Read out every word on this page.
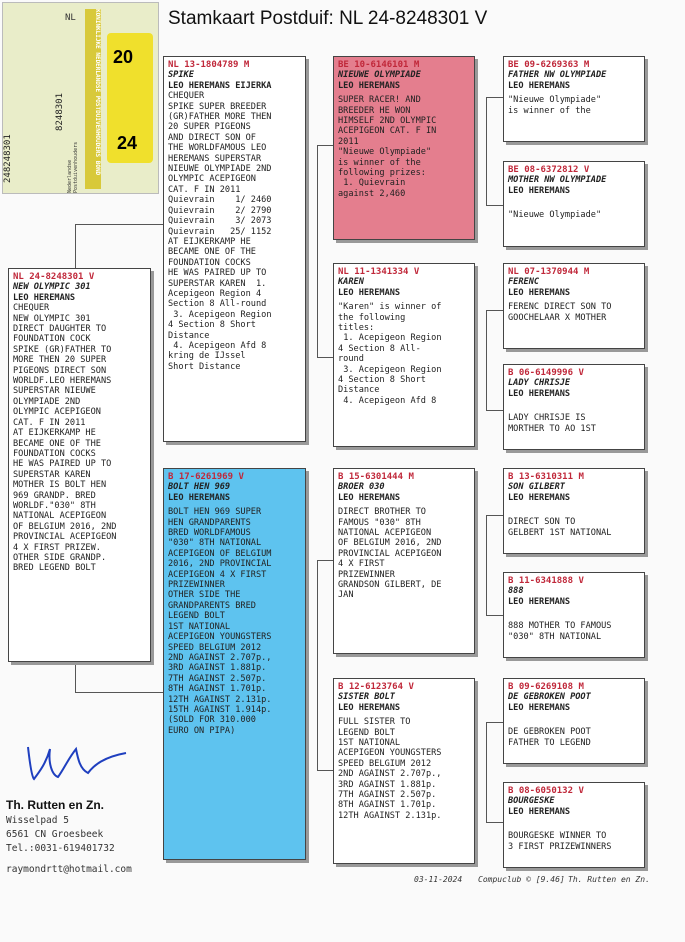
Stamkaart Postduif: NL 24-8248301 V
248248301	KONINKLIJKE NEDERLANDSE POSTDUIVENHOUDERS BOND 20
24
8248301
NL
Nederlandse Postduivenhouders
NL 24-8248301 V
NEW OLYMPIC 301
LEO HEREMANS
CHEQUER
NEW OLYMPIC 301
DIRECT DAUGHTER TO
FOUNDATION COCK
SPIKE (GR)FATHER TO
MORE THEN 20 SUPER
PIGEONS DIRECT SON
WORLDF.LEO HEREMANS
SUPERSTAR NIEUWE
OLYMPIADE 2ND
OLYMPIC ACEPIGEON
CAT. F IN 2011
AT EIJKERKAMP HE
BECAME ONE OF THE
FOUNDATION COCKS
HE WAS PAIRED UP TO
SUPERSTAR KAREN
MOTHER IS BOLT HEN
969 GRANDP. BRED
WORLDF."030" 8TH
NATIONAL ACEPIGEON
OF BELGIUM 2016, 2ND
PROVINCIAL ACEPIGEON
4 X FIRST PRIZEW.
OTHER SIDE GRANDP.
BRED LEGEND BOLT
NL 13-1804789 M
SPIKE
LEO HEREMANS EIJERKA
CHEQUER
SPIKE SUPER BREEDER
(GR)FATHER MORE THEN
20 SUPER PIGEONS
AND DIRECT SON OF
THE WORLDFAMOUS LEO
HEREMANS SUPERSTAR
NIEUWE OLYMPIADE 2ND
OLYMPIC ACEPIGEON
CAT. F IN 2011
Quievrain    1/ 2460
Quievrain    2/ 2790
Quievrain    3/ 2073
Quievrain   25/ 1152
AT EIJKERKAMP HE
BECAME ONE OF THE
FOUNDATION COCKS
HE WAS PAIRED UP TO
SUPERSTAR KAREN  1.
Acepigeon Region 4
Section 8 All-round
3. Acepigeon Region
4 Section 8 Short
Distance
4. Acepigeon Afd 8
kring de IJssel
Short Distance
B 17-6261969 V
BOLT HEN 969
LEO HEREMANS
BOLT HEN 969 SUPER
HEN GRANDPARENTS
BRED WORLDFAMOUS
"030" 8TH NATIONAL
ACEPIGEON OF BELGIUM
2016, 2ND PROVINCIAL
ACEPIGEON 4 X FIRST
PRIZEWINNER
OTHER SIDE THE
GRANDPARENTS BRED
LEGEND BOLT
1ST NATIONAL
ACEPIGEON YOUNGSTERS
SPEED BELGIUM 2012
2ND AGAINST 2.707p.,
3RD AGAINST 1.881p.
7TH AGAINST 2.507p.
8TH AGAINST 1.701p.
12TH AGAINST 2.131p.
15TH AGAINST 1.914p.
(SOLD FOR 310.000
EURO ON PIPA)
BE 10-6146101 M
NIEUWE OLYMPIADE
LEO HEREMANS
SUPER RACER! AND
BREEDER HE WON
HIMSELF 2ND OLYMPIC
ACEPIGEON CAT. F IN
2011
"Nieuwe Olympiade"
is winner of the
following prizes:
1. Quievrain
against 2,460
NL 11-1341334 V
KAREN
LEO HEREMANS
"Karen" is winner of
the following
titles:
1. Acepigeon Region
4 Section 8 All-
round
3. Acepigeon Region
4 Section 8 Short
Distance
4. Acepigeon Afd 8
B 15-6301444 M
BROER 030
LEO HEREMANS
DIRECT BROTHER TO
FAMOUS "030" 8TH
NATIONAL ACEPIGEON
OF BELGIUM 2016, 2ND
PROVINCIAL ACEPIGEON
4 X FIRST
PRIZEWINNER
GRANDSON GILBERT, DE
JAN
B 12-6123764 V
SISTER BOLT
LEO HEREMANS
FULL SISTER TO
LEGEND BOLT
1ST NATIONAL
ACEPIGEON YOUNGSTERS
SPEED BELGIUM 2012
2ND AGAINST 2.707p.,
3RD AGAINST 1.881p.
7TH AGAINST 2.507p.
8TH AGAINST 1.701p.
12TH AGAINST 2.131p.
BE 09-6269363 M
FATHER NW OLYMPIADE
LEO HEREMANS
"Nieuwe Olympiade"
is winner of the
BE 08-6372812 V
MOTHER NW OLYMPIADE
LEO HEREMANS
"Nieuwe Olympiade"
NL 07-1370944 M
FERENC
LEO HEREMANS
FERENC DIRECT SON TO
GOOCHELAAR X MOTHER
B 06-6149996 V
LADY CHRISJE
LEO HEREMANS
LADY CHRISJE IS
MORTHER TO AO 1ST
B 13-6310311 M
SON GILBERT
LEO HEREMANS
DIRECT SON TO
GELBERT 1ST NATIONAL
B 11-6341888 V
888
LEO HEREMANS
888 MOTHER TO FAMOUS
"030" 8TH NATIONAL
B 09-6269108 M
DE GEBROKEN POOT
LEO HEREMANS
DE GEBROKEN POOT
FATHER TO LEGEND
B 08-6050132 V
BOURGESKE
LEO HEREMANS
BOURGESKE WINNER TO
3 FIRST PRIZEWINNERS
Th. Rutten en Zn.
Wisselpad 5
6561 CN Groesbeek
Tel.:0031-619401732
raymondrtt@hotmail.com
03-11-2024 Compuclub © [9.46] Th. Rutten en Zn.
